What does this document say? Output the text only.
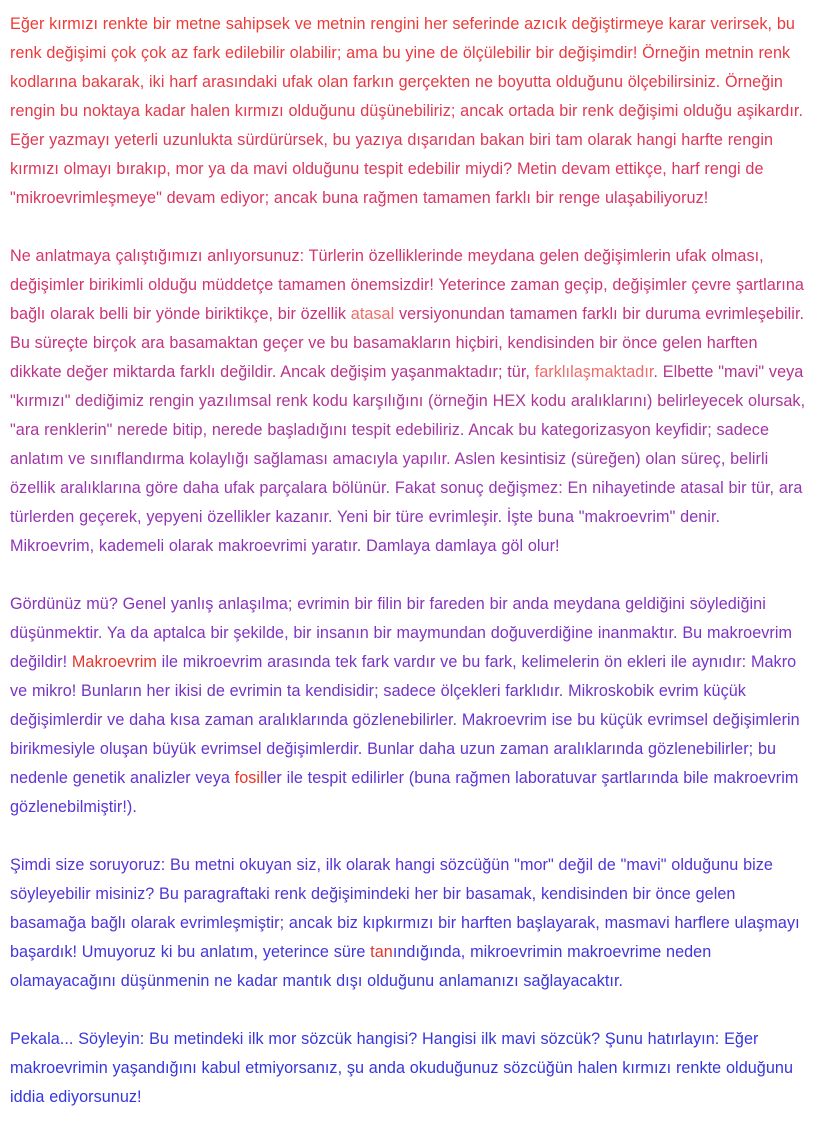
Eğer kırmızı renkte bir metne sahipsek ve metnin rengini her seferinde azıcık değiştirmeye karar verirsek, bu renk değişimi çok çok az fark edilebilir olabilir; ama bu yine de ölçülebilir bir değişimdir! Örneğin metnin renk kodlarına bakarak, iki harf arasındaki ufak olan farkın gerçekten ne boyutta olduğunu ölçebilirsiniz. Örneğin rengin bu noktaya kadar halen kırmızı olduğunu düşünebiliriz; ancak ortada bir renk değişimi olduğu aşikardır. Eğer yazmayı yeterli uzunlukta sürdürürsek, bu yazıya dışarıdan bakan biri tam olarak hangi harfte rengin kırmızı olmayı bırakıp, mor ya da mavi olduğunu tespit edebilir miydi? Metin devam ettikçe, harf rengi de "mikroevrimleşmeye" devam ediyor; ancak buna rağmen tamamen farklı bir renge ulaşabiliyoruz!

Ne anlatmaya çalıştığımızı anlıyorsunuz: Türlerin özelliklerinde meydana gelen değişimlerin ufak olması, değişimler birikimli olduğu müddetçe tamamen önemsizdir! Yeterince zaman geçip, değişimler çevre şartlarına bağlı olarak belli bir yönde biriktikçe, bir özellik atasal versiyonundan tamamen farklı bir duruma evrimleşebilir. Bu süreçte birçok ara basamaktan geçer ve bu basamakların hiçbiri, kendisinden bir önce gelen harften dikkate değer miktarda farklı değildir. Ancak değişim yaşanmaktadır; tür, farklılaşmaktadır. Elbette "mavi" veya "kırmızı" dediğimiz rengin yazılımsal renk kodu karşılığını (örneğin HEX kodu aralıklarını) belirleyecek olursak, "ara renklerin" nerede bitip, nerede başladığını tespit edebiliriz. Ancak bu kategorizasyon keyfidir; sadece anlatım ve sınıflandırma kolaylığı sağlaması amacıyla yapılır. Aslen kesintisiz (süreğen) olan süreç, belirli özellik aralıklarına göre daha ufak parçalara bölünür. Fakat sonuç değişmez: En nihayetinde atasal bir tür, ara türlerden geçerek, yepyeni özellikler kazanır. Yeni bir türe evrimleşir. İşte buna "makroevrim" denir. Mikroevrim, kademeli olarak makroevrimi yaratır. Damlaya damlaya göl olur!

Gördünüz mü? Genel yanlış anlaşılma; evrimin bir filin bir fareden bir anda meydana geldiğini söylediğini düşünmektir. Ya da aptalca bir şekilde, bir insanın bir maymundan doğuverdiğine inanmaktır. Bu makroevrim değildir! Makroevrim ile mikroevrim arasında tek fark vardır ve bu fark, kelimelerin ön ekleri ile aynıdır: Makro ve mikro! Bunların her ikisi de evrimin ta kendisidir; sadece ölçekleri farklıdır. Mikroskobik evrim küçük değişimlerdir ve daha kısa zaman aralıklarında gözlenebilirler. Makroevrim ise bu küçük evrimsel değişimlerin birikmesiyle oluşan büyük evrimsel değişimlerdir. Bunlar daha uzun zaman aralıklarında gözlenebilirler; bu nedenle genetik analizler veya fosiller ile tespit edilirler (buna rağmen laboratuvar şartlarında bile makroevrim gözlenebilmiştir!).

Şimdi size soruyoruz: Bu metni okuyan siz, ilk olarak hangi sözcüğün "mor" değil de "mavi" olduğunu bize söyleyebilir misiniz? Bu paragraftaki renk değişimindeki her bir basamak, kendisinden bir önce gelen basamağa bağlı olarak evrimleşmiştir; ancak biz kıpkırmızı bir harften başlayarak, masmavi harflere ulaşmayı başardık! Umuyoruz ki bu anlatım, yeterince süre tanındığında, mikroevrimin makroevrime neden olamayacağını düşünmenin ne kadar mantık dışı olduğunu anlamanızı sağlayacaktır.

Pekala... Söyleyin: Bu metindeki ilk mor sözcük hangisi? Hangisi ilk mavi sözcük? Şunu hatırlayın: Eğer makroevrimin yaşandığını kabul etmiyorsanız, şu anda okuduğunuz sözcüğün halen kırmızı renkte olduğunu iddia ediyorsunuz!
